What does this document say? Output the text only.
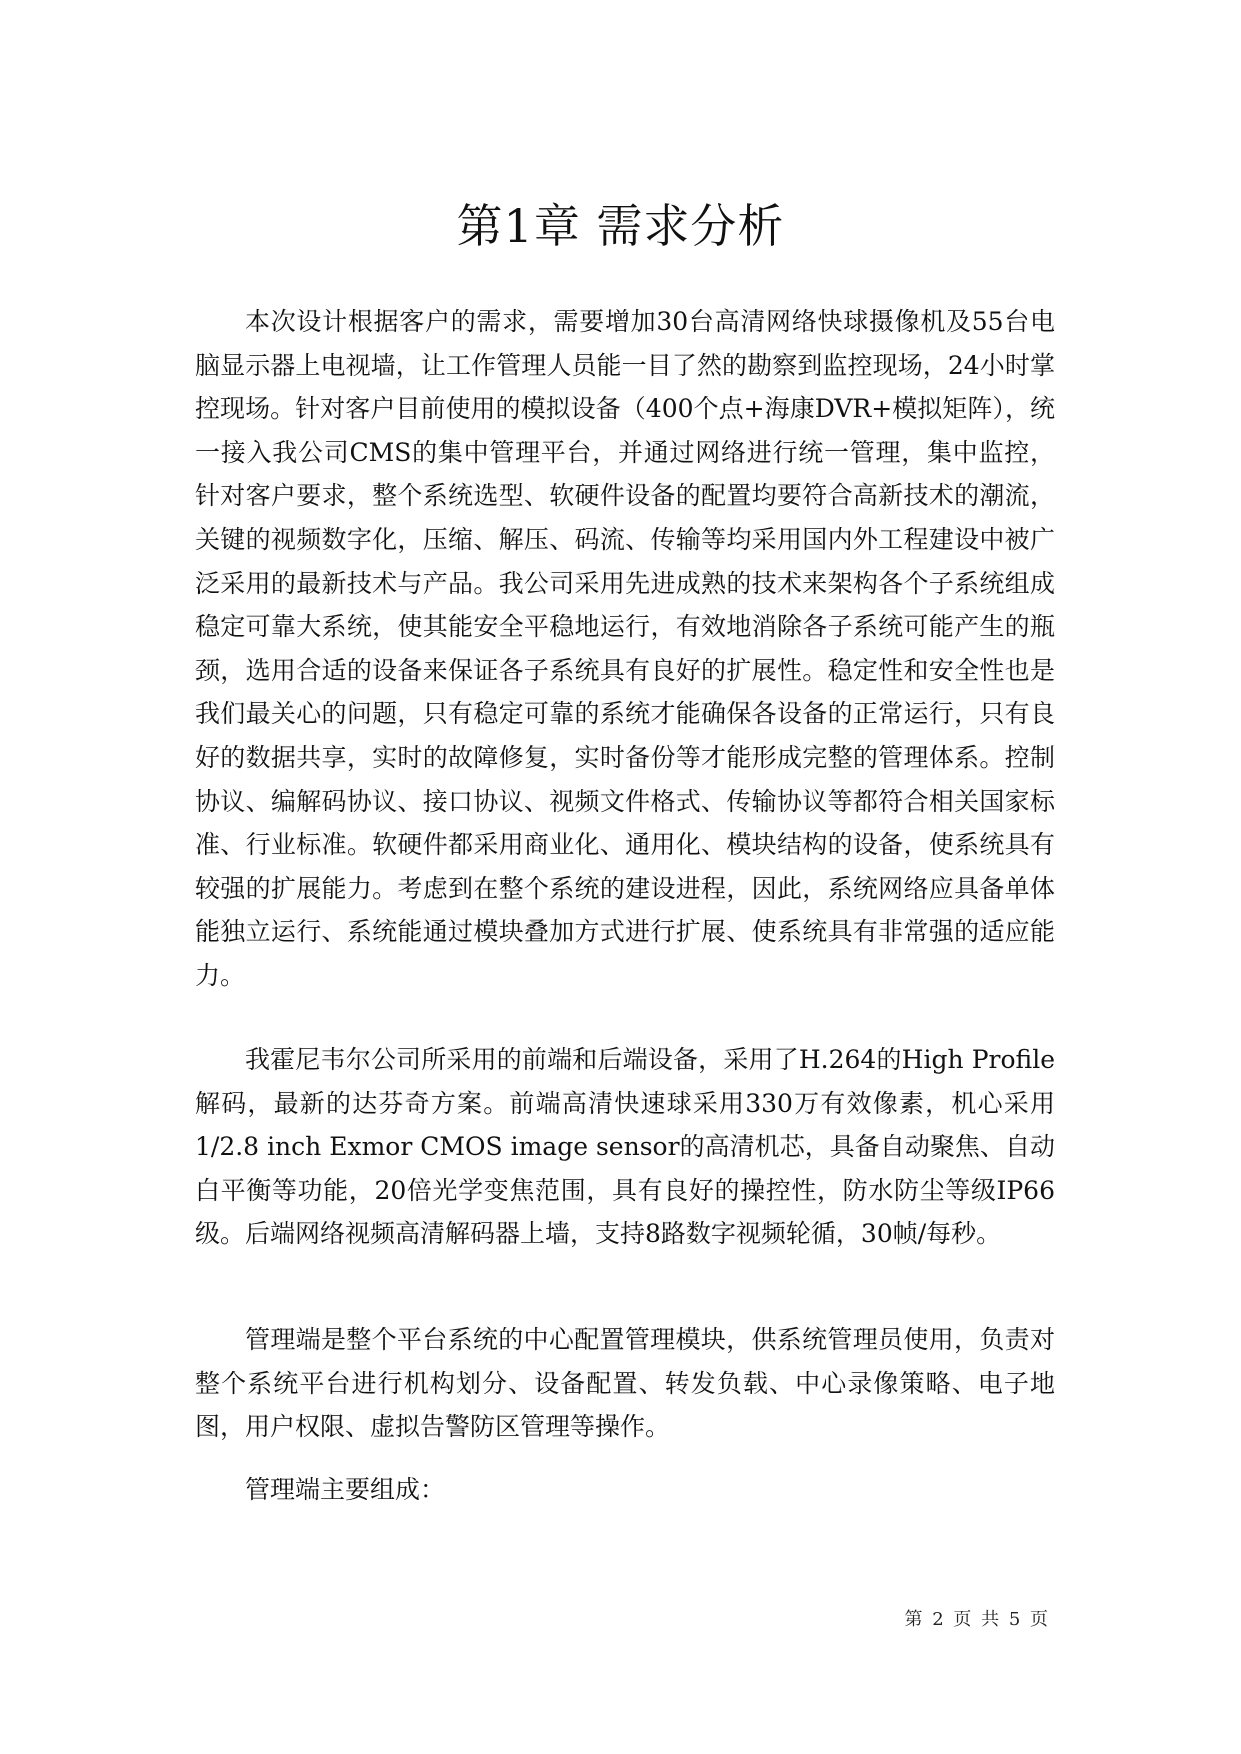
第1章 需求分析

本次设计根据客户的需求，需要增加30台高清网络快球摄像机及55台电脑显示器上电视墙，让工作管理人员能一目了然的勘察到监控现场，24小时掌控现场。针对客户目前使用的模拟设备（400个点+海康DVR+模拟矩阵），统一接入我公司CMS的集中管理平台，并通过网络进行统一管理，集中监控，针对客户要求，整个系统选型、软硬件设备的配置均要符合高新技术的潮流，关键的视频数字化，压缩、解压、码流、传输等均采用国内外工程建设中被广泛采用的最新技术与产品。我公司采用先进成熟的技术来架构各个子系统组成稳定可靠大系统，使其能安全平稳地运行，有效地消除各子系统可能产生的瓶颈，选用合适的设备来保证各子系统具有良好的扩展性。稳定性和安全性也是我们最关心的问题，只有稳定可靠的系统才能确保各设备的正常运行，只有良好的数据共享，实时的故障修复，实时备份等才能形成完整的管理体系。控制协议、编解码协议、接口协议、视频文件格式、传输协议等都符合相关国家标准、行业标准。软硬件都采用商业化、通用化、模块结构的设备，使系统具有较强的扩展能力。考虑到在整个系统的建设进程，因此，系统网络应具备单体能独立运行、系统能通过模块叠加方式进行扩展、使系统具有非常强的适应能力。

我霍尼韦尔公司所采用的前端和后端设备，采用了H.264的High Profile解码，最新的达芬奇方案。前端高清快速球采用330万有效像素，机心采用1/2.8 inch Exmor CMOS image sensor的高清机芯，具备自动聚焦、自动白平衡等功能，20倍光学变焦范围，具有良好的操控性，防水防尘等级IP66级。后端网络视频高清解码器上墙，支持8路数字视频轮循，30帧/每秒。

管理端是整个平台系统的中心配置管理模块，供系统管理员使用，负责对整个系统平台进行机构划分、设备配置、转发负载、中心录像策略、电子地图，用户权限、虚拟告警防区管理等操作。

管理端主要组成：

第 2 页 共 5 页
